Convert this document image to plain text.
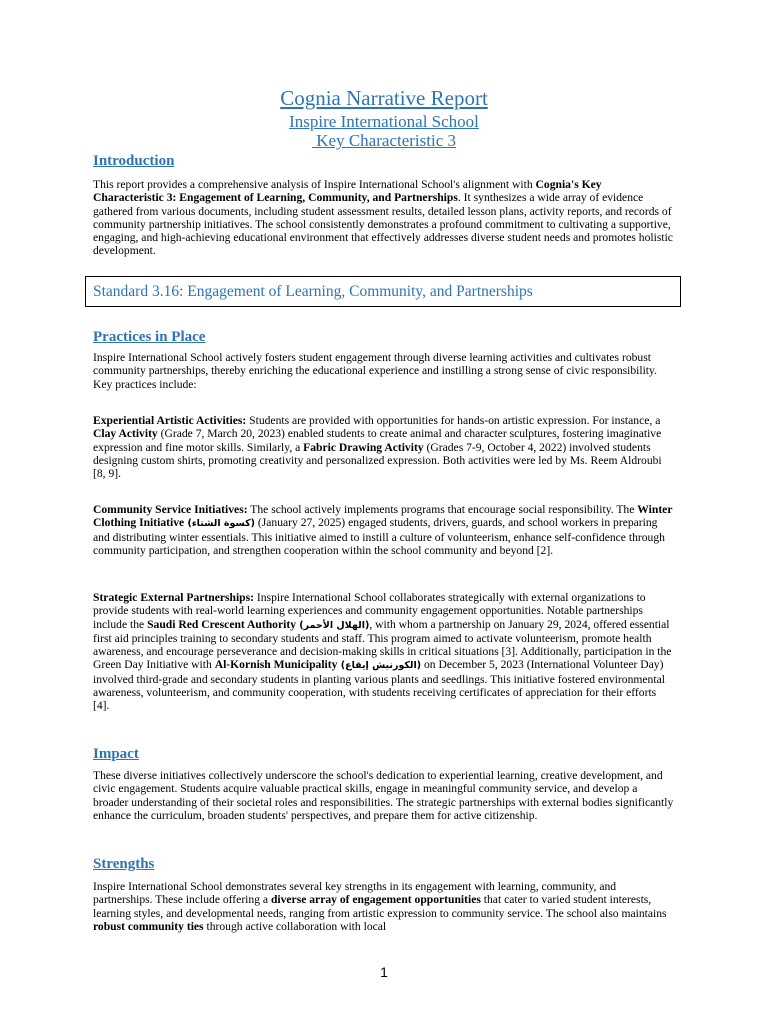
Cognia Narrative Report
Inspire International School
Key Characteristic 3
Introduction

This report provides a comprehensive analysis of Inspire International School's alignment with Cognia's Key Characteristic 3: Engagement of Learning, Community, and Partnerships. It synthesizes a wide array of evidence gathered from various documents, including student assessment results, detailed lesson plans, activity reports, and records of community partnership initiatives. The school consistently demonstrates a profound commitment to cultivating a supportive, engaging, and high-achieving educational environment that effectively addresses diverse student needs and promotes holistic development.

Standard 3.16: Engagement of Learning, Community, and Partnerships
Practices in Place

Inspire International School actively fosters student engagement through diverse learning activities and cultivates robust community partnerships, thereby enriching the educational experience and instilling a strong sense of civic responsibility. Key practices include:

Experiential Artistic Activities: Students are provided with opportunities for hands-on artistic expression. For instance, a Clay Activity (Grade 7, March 20, 2023) enabled students to create animal and character sculptures, fostering imaginative expression and fine motor skills. Similarly, a Fabric Drawing Activity (Grades 7-9, October 4, 2022) involved students designing custom shirts, promoting creativity and personalized expression. Both activities were led by Ms. Reem Aldroubi [8, 9].

Community Service Initiatives: The school actively implements programs that encourage social responsibility. The Winter Clothing Initiative (كسوة الشتاء) (January 27, 2025) engaged students, drivers, guards, and school workers in preparing and distributing winter essentials. This initiative aimed to instill a culture of volunteerism, enhance self-confidence through community participation, and strengthen cooperation within the school community and beyond [2].

Strategic External Partnerships: Inspire International School collaborates strategically with external organizations to provide students with real-world learning experiences and community engagement opportunities. Notable partnerships include the Saudi Red Crescent Authority (الهلال الأحمر), with whom a partnership on January 29, 2024, offered essential first aid principles training to secondary students and staff. This program aimed to activate volunteerism, promote health awareness, and encourage perseverance and decision-making skills in critical situations [3]. Additionally, participation in the Green Day Initiative with Al-Kornish Municipality (الكورنيش إيقاع) on December 5, 2023 (International Volunteer Day) involved third-grade and secondary students in planting various plants and seedlings. This initiative fostered environmental awareness, volunteerism, and community cooperation, with students receiving certificates of appreciation for their efforts [4].

Impact

These diverse initiatives collectively underscore the school's dedication to experiential learning, creative development, and civic engagement. Students acquire valuable practical skills, engage in meaningful community service, and develop a broader understanding of their societal roles and responsibilities. The strategic partnerships with external bodies significantly enhance the curriculum, broaden students' perspectives, and prepare them for active citizenship.

Strengths

Inspire International School demonstrates several key strengths in its engagement with learning, community, and partnerships. These include offering a diverse array of engagement opportunities that cater to varied student interests, learning styles, and developmental needs, ranging from artistic expression to community service. The school also maintains robust community ties through active collaboration with local

1
